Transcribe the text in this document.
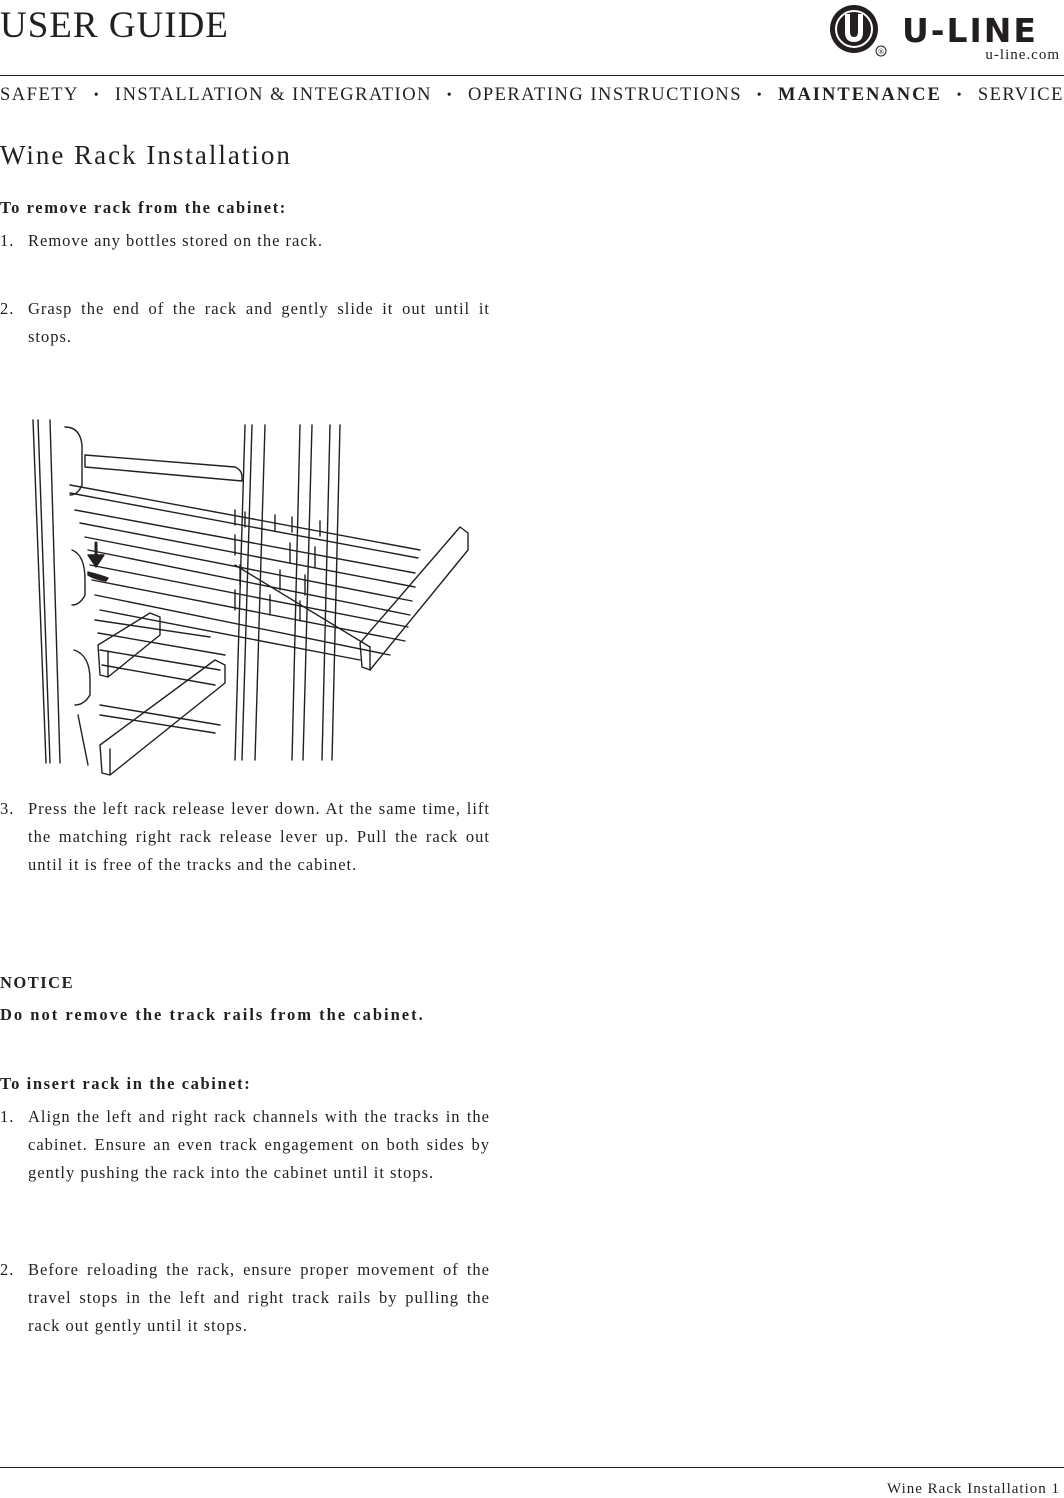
USER GUIDE
®
U-LINE
u-line.com
SAFETY • INSTALLATION & INTEGRATION • OPERATING INSTRUCTIONS • MAINTENANCE • SERVICE
Wine Rack Installation
To remove rack from the cabinet:
1. Remove any bottles stored on the rack.
2. Grasp the end of the rack and gently slide it out until it stops.
3. Press the left rack release lever down. At the same time, lift the matching right rack release lever up. Pull the rack out until it is free of the tracks and the cabinet.
NOTICE
Do not remove the track rails from the cabinet.
To insert rack in the cabinet:
1. Align the left and right rack channels with the tracks in the cabinet. Ensure an even track engagement on both sides by gently pushing the rack into the cabinet until it stops.
2. Before reloading the rack, ensure proper movement of the travel stops in the left and right track rails by pulling the rack out gently until it stops.
Wine Rack Installation 1
